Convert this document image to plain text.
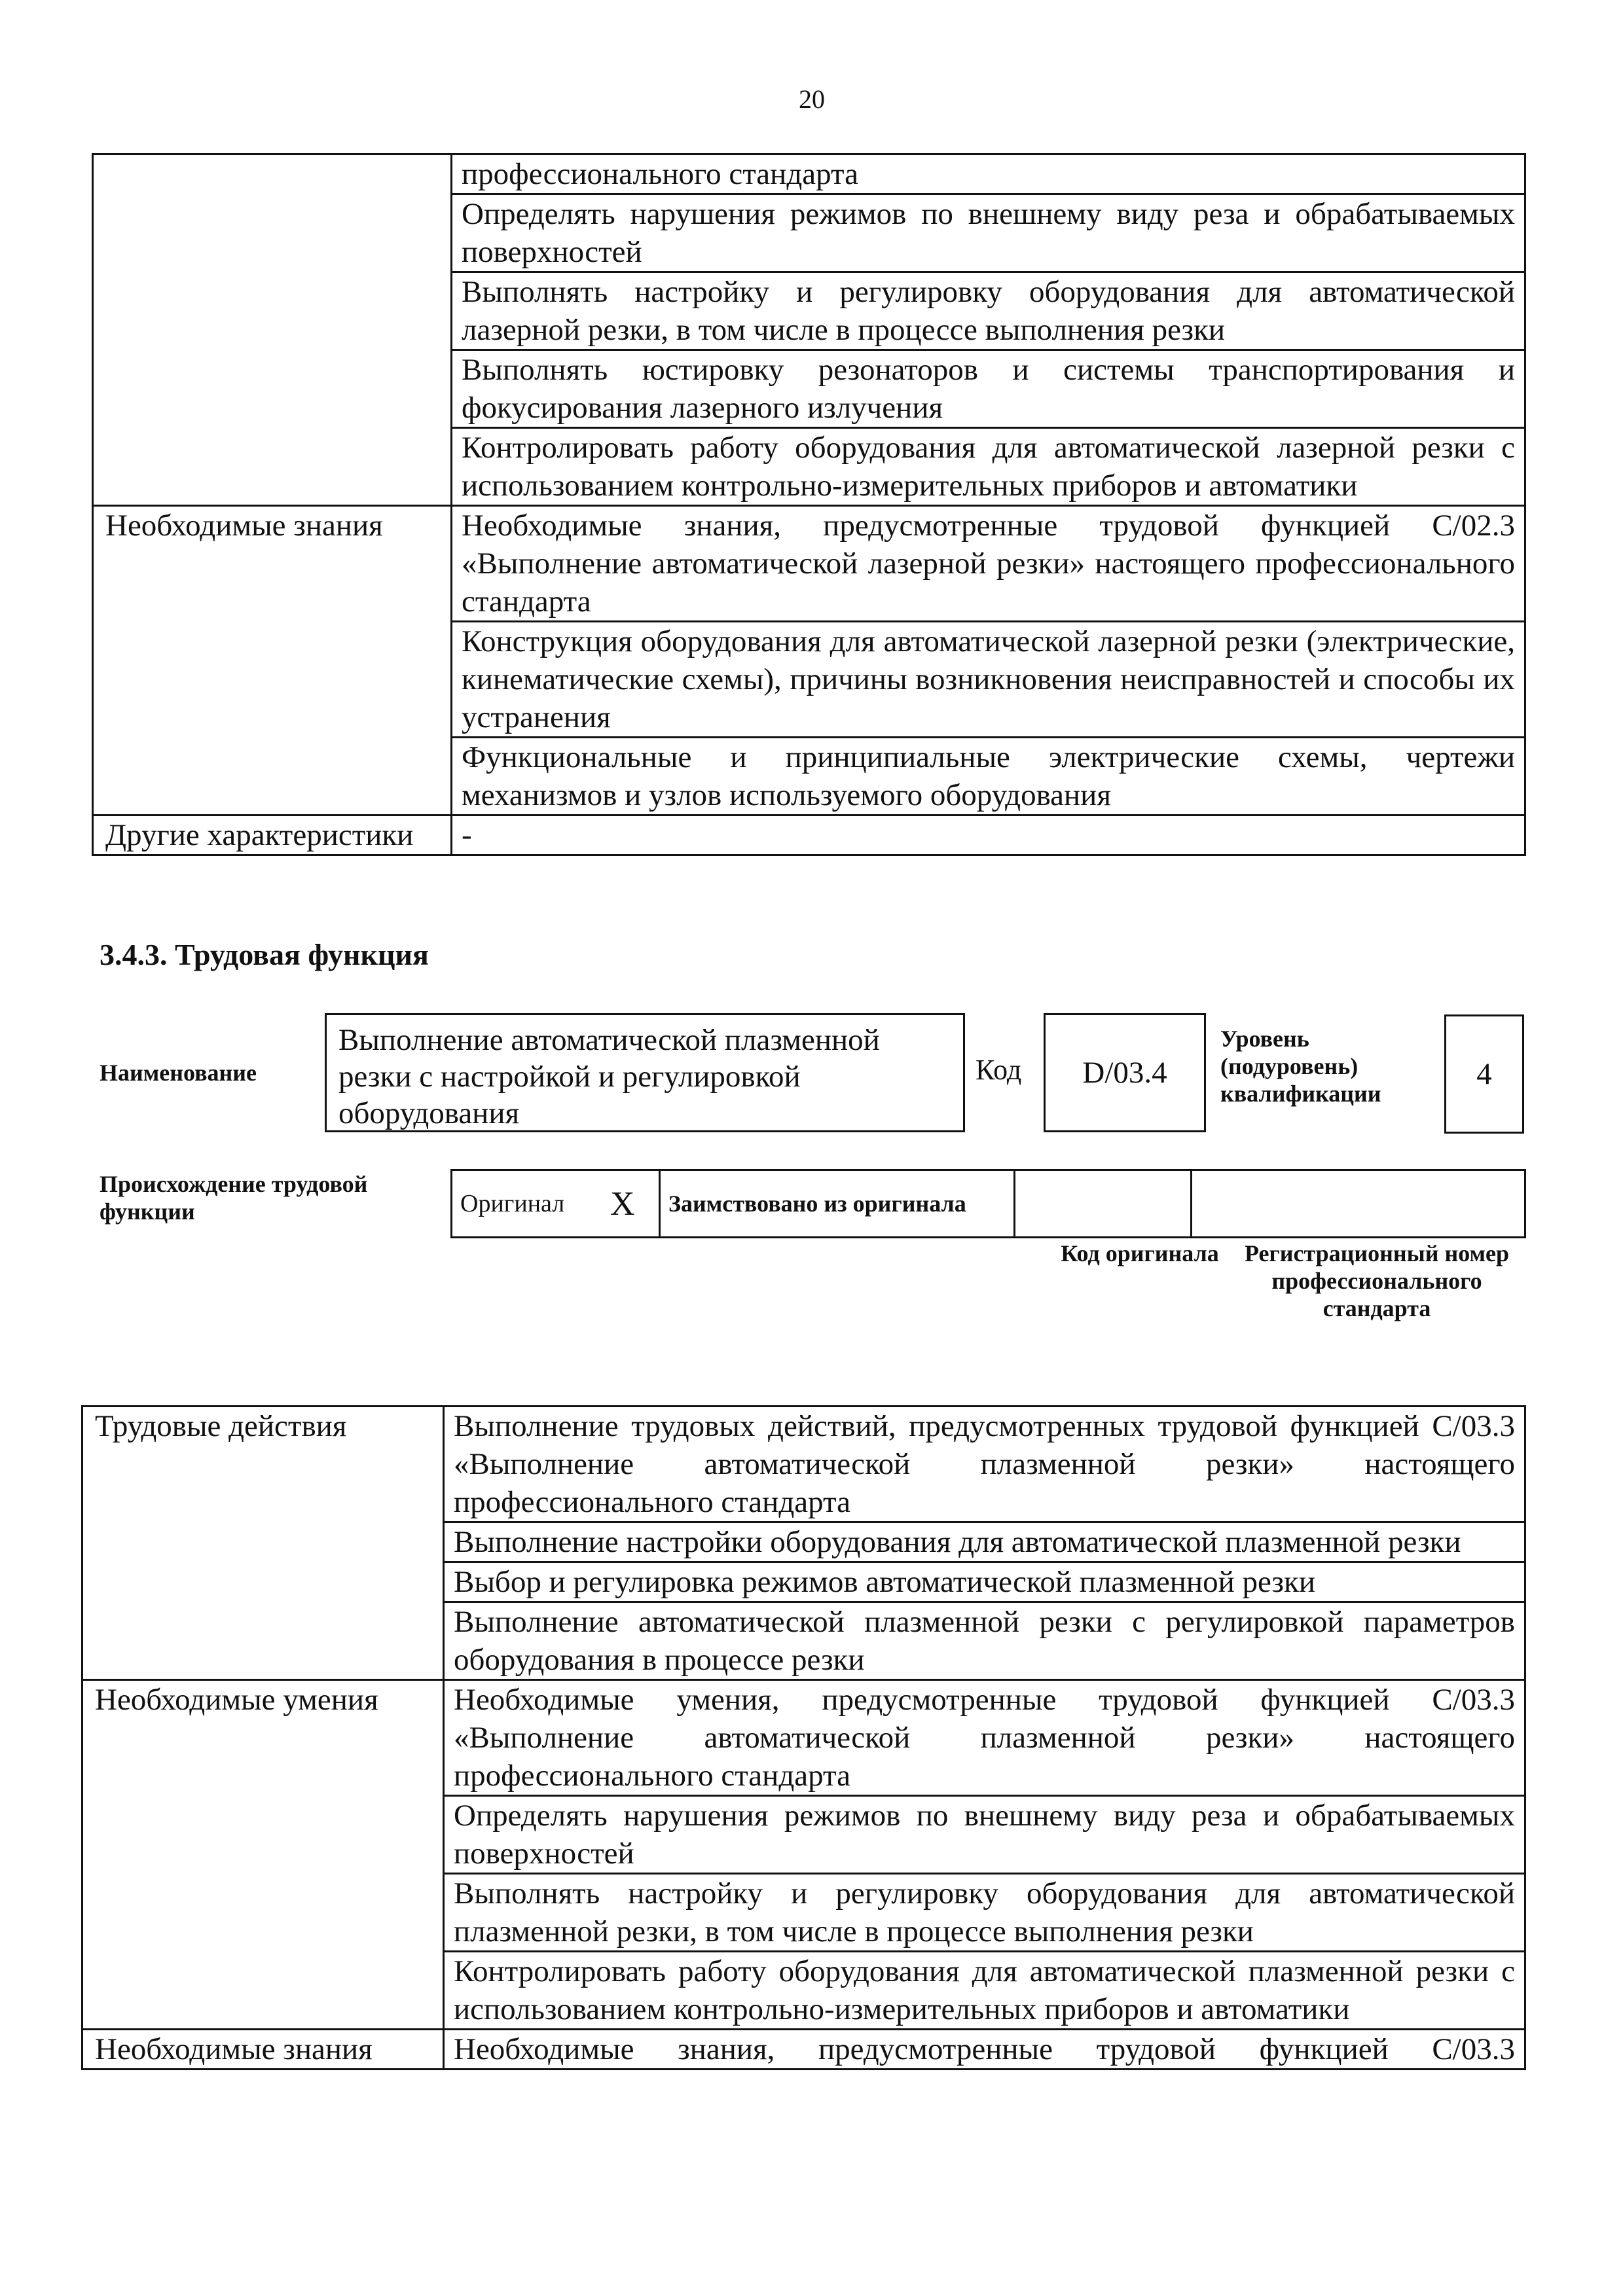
20
	профессионального стандарта
	Определять нарушения режимов по внешнему виду реза и обрабатываемых поверхностей
	Выполнять настройку и регулировку оборудования для автоматической лазерной резки, в том числе в процессе выполнения резки
	Выполнять юстировку резонаторов и системы транспортирования и фокусирования лазерного излучения
	Контролировать работу оборудования для автоматической лазерной резки с использованием контрольно-измерительных приборов и автоматики
Необходимые знания	Необходимые знания, предусмотренные трудовой функцией С/02.3 «Выполнение автоматической лазерной резки» настоящего профессионального стандарта
	Конструкция оборудования для автоматической лазерной резки (электрические, кинематические схемы), причины возникновения неисправностей и способы их устранения
	Функциональные и принципиальные электрические схемы, чертежи механизмов и узлов используемого оборудования
Другие характеристики	-
3.4.3. Трудовая функция
Наименование
Выполнение автоматической плазменной резки с настройкой и регулировкой оборудования
Код	D/03.4
Уровень (подуровень) квалификации
4
Происхождение трудовой функции	Оригинал	X	Заимствовано из оригинала		
Код оригинала	Регистрационный номер профессионального стандарта
Трудовые действия	Выполнение трудовых действий, предусмотренных трудовой функцией С/03.3 «Выполнение автоматической плазменной резки» настоящего профессионального стандарта
	Выполнение настройки оборудования для автоматической плазменной резки
	Выбор и регулировка режимов автоматической плазменной резки
	Выполнение автоматической плазменной резки с регулировкой параметров оборудования в процессе резки
Необходимые умения	Необходимые умения, предусмотренные трудовой функцией С/03.3 «Выполнение автоматической плазменной резки» настоящего профессионального стандарта
	Определять нарушения режимов по внешнему виду реза и обрабатываемых поверхностей
	Выполнять настройку и регулировку оборудования для автоматической плазменной резки, в том числе в процессе выполнения резки
	Контролировать работу оборудования для автоматической плазменной резки с использованием контрольно-измерительных приборов и автоматики
Необходимые знания	Необходимые знания, предусмотренные трудовой функцией С/03.3
